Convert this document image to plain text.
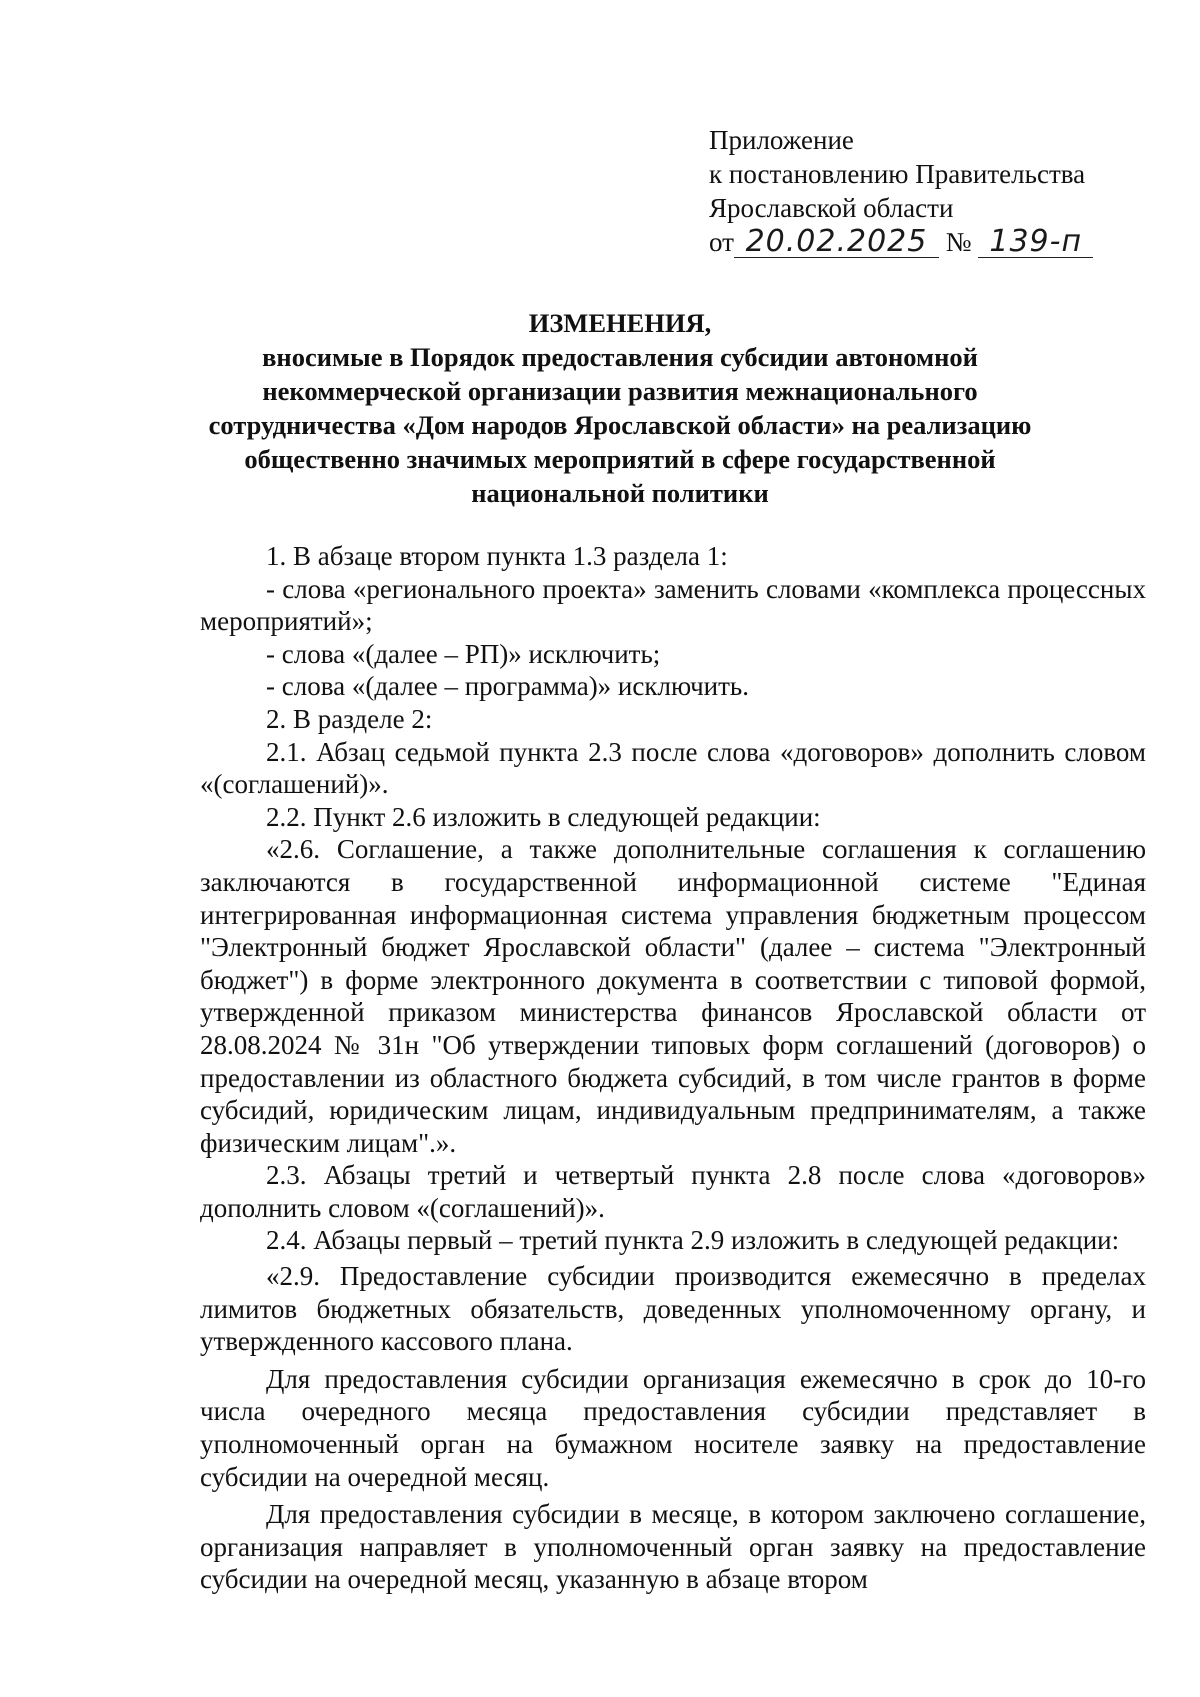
Приложение
к постановлению Правительства
Ярославской области
от 20.02.2025 № 139-п
ИЗМЕНЕНИЯ,
вносимые в Порядок предоставления субсидии автономной
некоммерческой организации развития межнационального
сотрудничества «Дом народов Ярославской области» на реализацию
общественно значимых мероприятий в сфере государственной
национальной политики

1. В абзаце втором пункта 1.3 раздела 1:

- слова «регионального проекта» заменить словами «комплекса процессных мероприятий»;

- слова «(далее – РП)» исключить;

- слова «(далее – программа)» исключить.

2. В разделе 2:

2.1. Абзац седьмой пункта 2.3 после слова «договоров» дополнить словом «(соглашений)».

2.2. Пункт 2.6 изложить в следующей редакции:

«2.6. Соглашение, а также дополнительные соглашения к соглашению заключаются в государственной информационной системе "Единая интегрированная информационная система управления бюджетным процессом "Электронный бюджет Ярославской области" (далее – система "Электронный бюджет") в форме электронного документа в соответствии с типовой формой, утвержденной приказом министерства финансов Ярославской области от 28.08.2024 № 31н "Об утверждении типовых форм соглашений (договоров) о предоставлении из областного бюджета субсидий, в том числе грантов в форме субсидий, юридическим лицам, индивидуальным предпринимателям, а также физическим лицам".».

2.3. Абзацы третий и четвертый пункта 2.8 после слова «договоров» дополнить словом «(соглашений)».

2.4. Абзацы первый – третий пункта 2.9 изложить в следующей редакции:

«2.9. Предоставление субсидии производится ежемесячно в пределах лимитов бюджетных обязательств, доведенных уполномоченному органу, и утвержденного кассового плана.

Для предоставления субсидии организация ежемесячно в срок до 10-го числа очередного месяца предоставления субсидии представляет в уполномоченный орган на бумажном носителе заявку на предоставление субсидии на очередной месяц.

Для предоставления субсидии в месяце, в котором заключено соглашение, организация направляет в уполномоченный орган заявку на предоставление субсидии на очередной месяц, указанную в абзаце втором
